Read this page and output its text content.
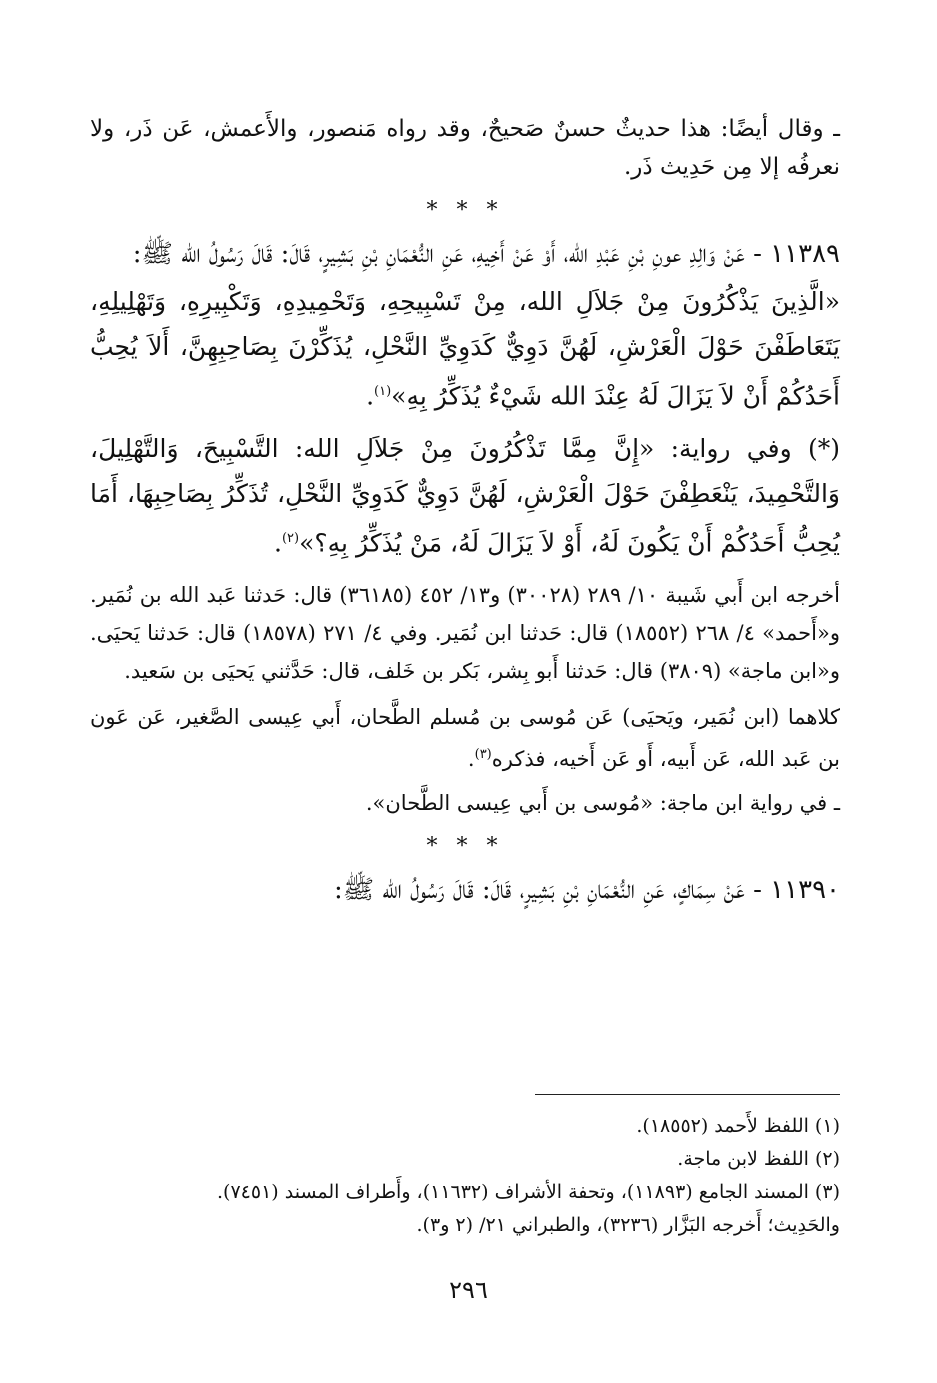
ـ وقال أيضًا: هذا حديثٌ حسنٌ صَحيحٌ، وقد رواه مَنصور، والأَعمش، عَن ذَر، ولا نعرفُه إلا مِن حَدِيث ذَر.

* * *

١١٣٨٩ - عَنْ وَالِدِ عونِ بْنِ عَبْدِ الله، أَوْ عَنْ أَخِيهِ، عَنِ النُّعْمَانِ بْنِ بَشِيرٍ، قَالَ: قَالَ رَسُولُ الله ﷺ:

«الَّذِينَ يَذْكُرُونَ مِنْ جَلاَلِ الله، مِنْ تَسْبِيحِهِ، وَتَحْمِيدِهِ، وَتَكْبِيرِهِ، وَتَهْلِيلِهِ، يَتَعَاطَفْنَ حَوْلَ الْعَرْشِ، لَهُنَّ دَوِيٌّ كَدَوِيِّ النَّحْلِ، يُذَكِّرْنَ بِصَاحِبِهِنَّ، أَلاَ يُحِبُّ أَحَدُكُمْ أَنْ لاَ يَزَالَ لَهُ عِنْدَ الله شَيْءٌ يُذَكِّرُ بِهِ»$^{(١)}$.

(*) وفي رواية: «إِنَّ مِمَّا تَذْكُرُونَ مِنْ جَلاَلِ الله: التَّسْبِيحَ، وَالتَّهْلِيلَ، وَالتَّحْمِيدَ، يَنْعَطِفْنَ حَوْلَ الْعَرْشِ، لَهُنَّ دَوِيٌّ كَدَوِيِّ النَّحْلِ، تُذَكِّرُ بِصَاحِبِهَا، أَمَا يُحِبُّ أَحَدُكُمْ أَنْ يَكُونَ لَهُ، أَوْ لاَ يَزَالَ لَهُ، مَنْ يُذَكِّرُ بِهِ؟»$^{(٢)}$.

أخرجه ابن أَبي شَيبة ١٠/ ٢٨٩ (٣٠٠٢٨) و١٣/ ٤٥٢ (٣٦١٨٥) قال: حَدثنا عَبد الله بن نُمَير. و«أَحمد» ٤/ ٢٦٨ (١٨٥٥٢) قال: حَدثنا ابن نُمَير. وفي ٤/ ٢٧١ (١٨٥٧٨) قال: حَدثنا يَحيَى. و«ابن ماجة» (٣٨٠٩) قال: حَدثنا أَبو بِشر، بَكر بن خَلف، قال: حَدَّثني يَحيَى بن سَعيد.

كلاهما (ابن نُمَير، ويَحيَى) عَن مُوسى بن مُسلم الطَّحان، أَبي عِيسى الصَّغير، عَن عَون بن عَبد الله، عَن أَبيه، أَو عَن أَخيه، فذكره$^{(٣)}$.

ـ في رواية ابن ماجة: «مُوسى بن أَبي عِيسى الطَّحان».

* * *

١١٣٩٠ - عَنْ سِمَاكٍ، عَنِ النُّعْمَانِ بْنِ بَشِيرٍ، قَالَ: قَالَ رَسُولُ الله ﷺ:

(١) اللفظ لأَحمد (١٨٥٥٢).

(٢) اللفظ لابن ماجة.

(٣) المسند الجامع (١١٨٩٣)، وتحفة الأشراف (١١٦٣٢)، وأَطراف المسند (٧٤٥١).

والحَدِيث؛ أَخرجه البَزَّار (٣٢٣٦)، والطبراني ٢١/ (٢ و٣).

٢٩٦
